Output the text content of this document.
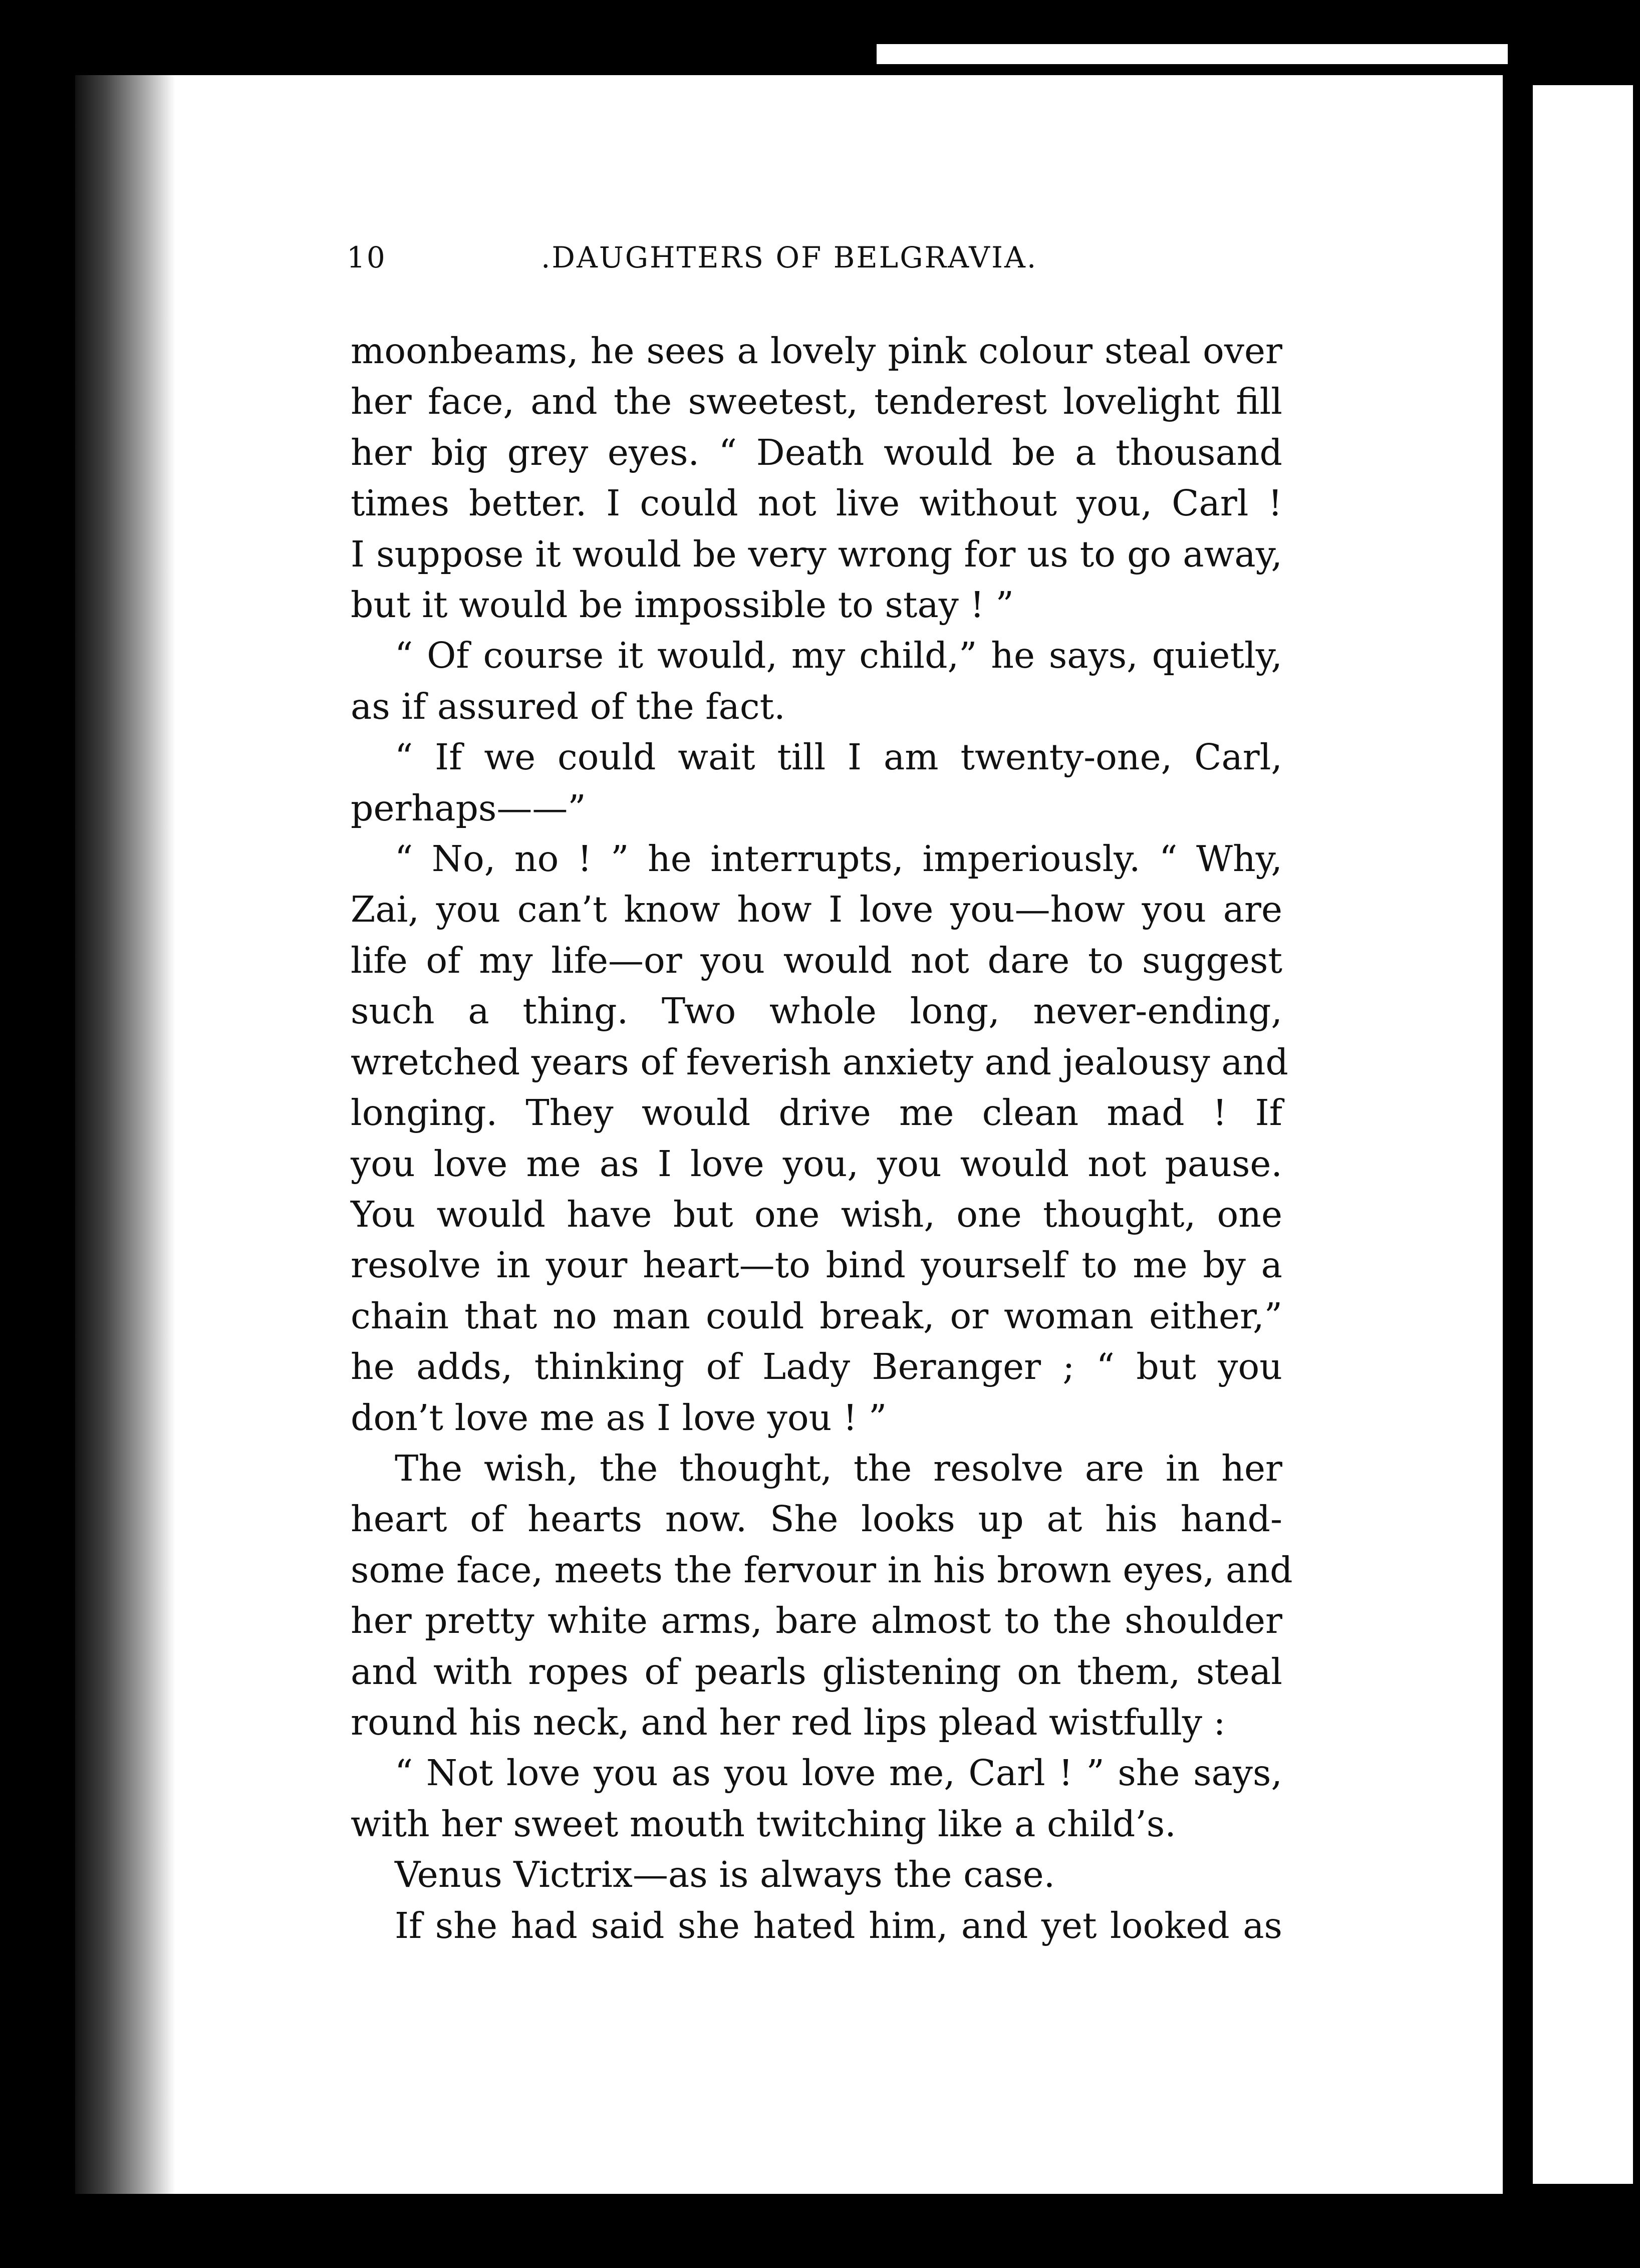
10	.DAUGHTERS OF BELGRAVIA.

moonbeams, he sees a lovely pink colour steal over
her face, and the sweetest, tenderest lovelight fill
her big grey eyes. “ Death would be a thousand
times better. I could not live without you, Carl !
I suppose it would be very wrong for us to go away,
but it would be impossible to stay ! ”

“ Of course it would, my child,” he says, quietly,
as if assured of the fact.

“ If we could wait till I am twenty-one, Carl,
perhaps——”

“ No, no ! ” he interrupts, imperiously. “ Why,
Zai, you can’t know how I love you—how you are
life of my life—or you would not dare to suggest
such a thing. Two whole long, never-ending,
wretched years of feverish anxiety and jealousy and
longing. They would drive me clean mad ! If
you love me as I love you, you would not pause.
You would have but one wish, one thought, one
resolve in your heart—to bind yourself to me by a
chain that no man could break, or woman either,”
he adds, thinking of Lady Beranger ; “ but you
don’t love me as I love you ! ”

The wish, the thought, the resolve are in her
heart of hearts now. She looks up at his hand-
some face, meets the fervour in his brown eyes, and
her pretty white arms, bare almost to the shoulder
and with ropes of pearls glistening on them, steal
round his neck, and her red lips plead wistfully :

“ Not love you as you love me, Carl ! ” she says,
with her sweet mouth twitching like a child’s.

Venus Victrix—as is always the case.

If she had said she hated him, and yet looked as
